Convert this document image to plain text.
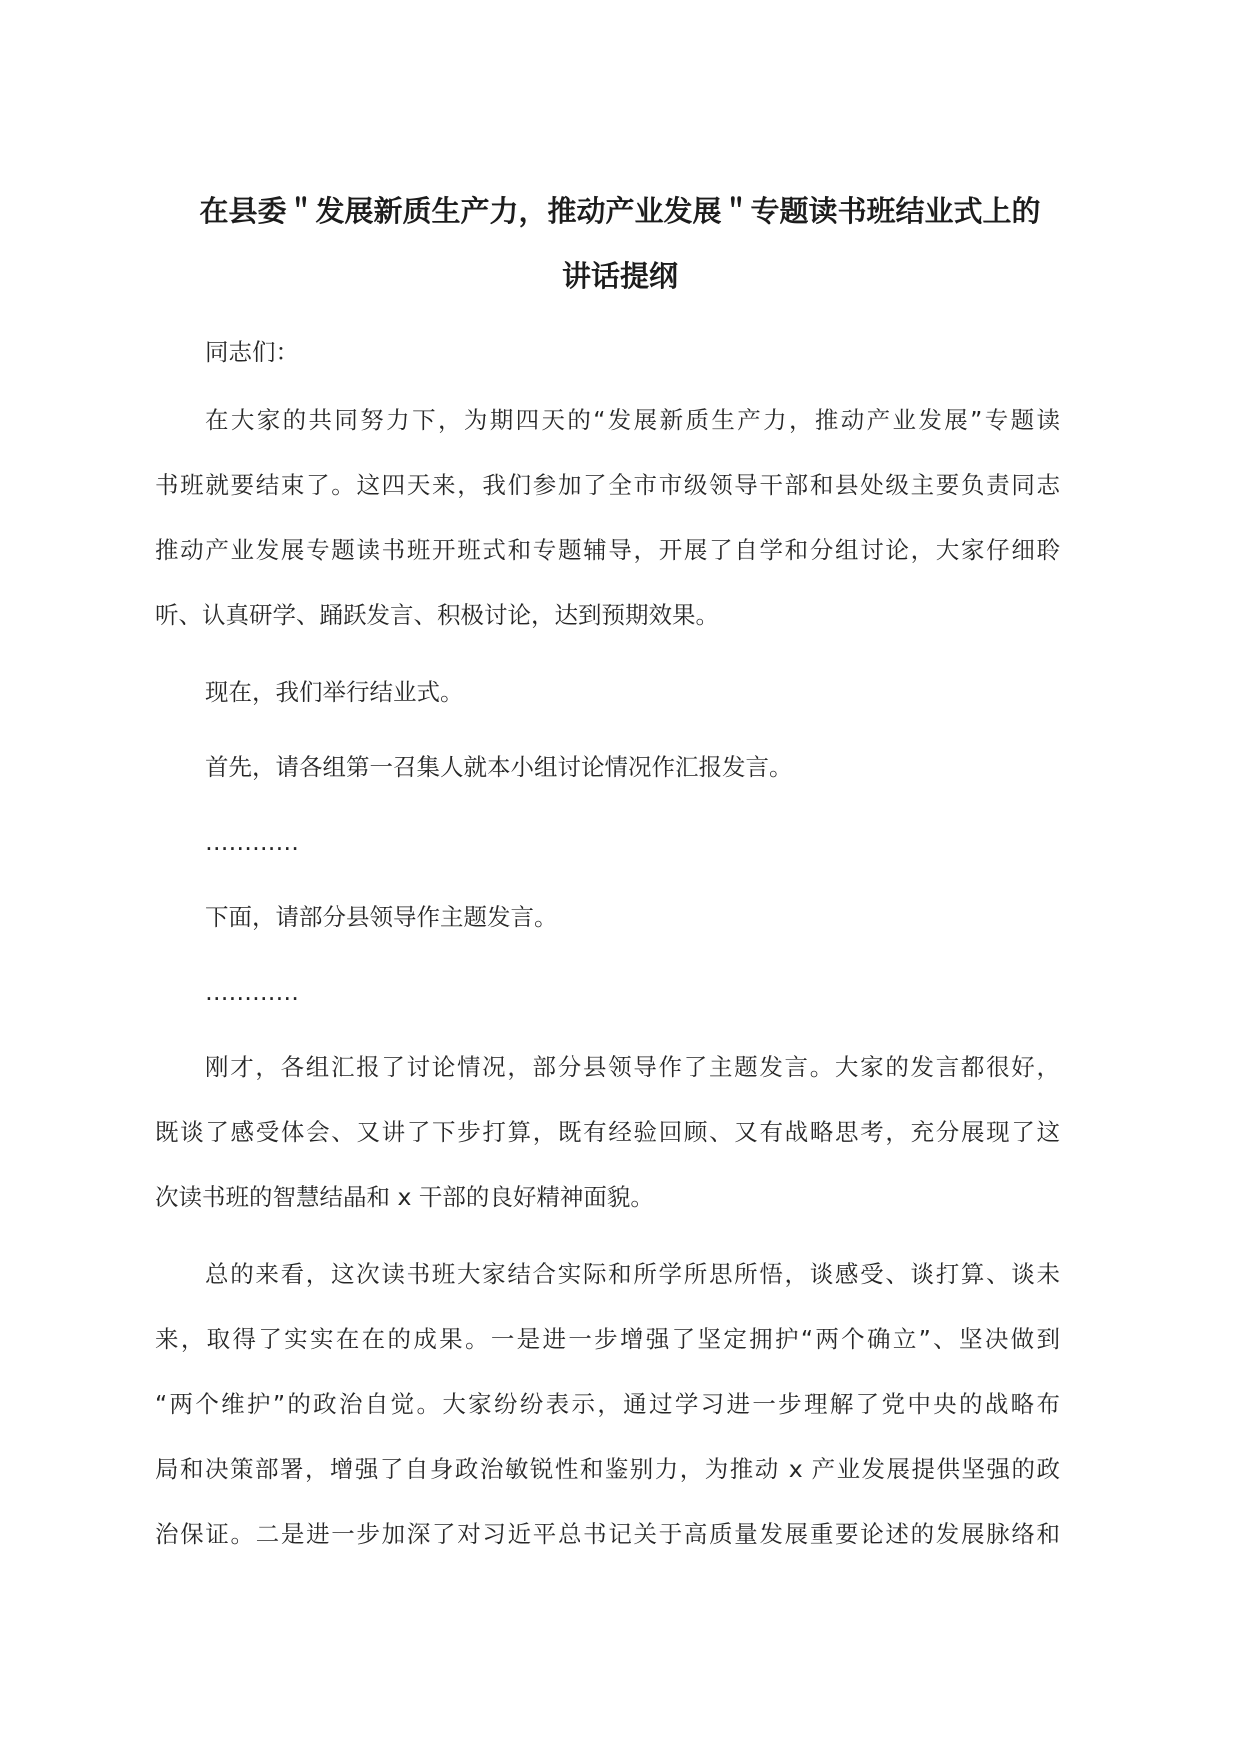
在县委＂发展新质生产力，推动产业发展＂专题读书班结业式上的
讲话提纲
同志们：
在大家的共同努力下，为期四天的“发展新质生产力，推动产业发展”专题读
书班就要结束了。这四天来，我们参加了全市市级领导干部和县处级主要负责同志
推动产业发展专题读书班开班式和专题辅导，开展了自学和分组讨论，大家仔细聆
听、认真研学、踊跃发言、积极讨论，达到预期效果。
现在，我们举行结业式。
首先，请各组第一召集人就本小组讨论情况作汇报发言。
…………
下面，请部分县领导作主题发言。
…………
刚才，各组汇报了讨论情况，部分县领导作了主题发言。大家的发言都很好，
既谈了感受体会、又讲了下步打算，既有经验回顾、又有战略思考，充分展现了这
次读书班的智慧结晶和 x 干部的良好精神面貌。
总的来看，这次读书班大家结合实际和所学所思所悟，谈感受、谈打算、谈未
来，取得了实实在在的成果。一是进一步增强了坚定拥护“两个确立”、坚决做到
“两个维护”的政治自觉。大家纷纷表示，通过学习进一步理解了党中央的战略布
局和决策部署，增强了自身政治敏锐性和鉴别力，为推动 x 产业发展提供坚强的政
治保证。二是进一步加深了对习近平总书记关于高质量发展重要论述的发展脉络和
